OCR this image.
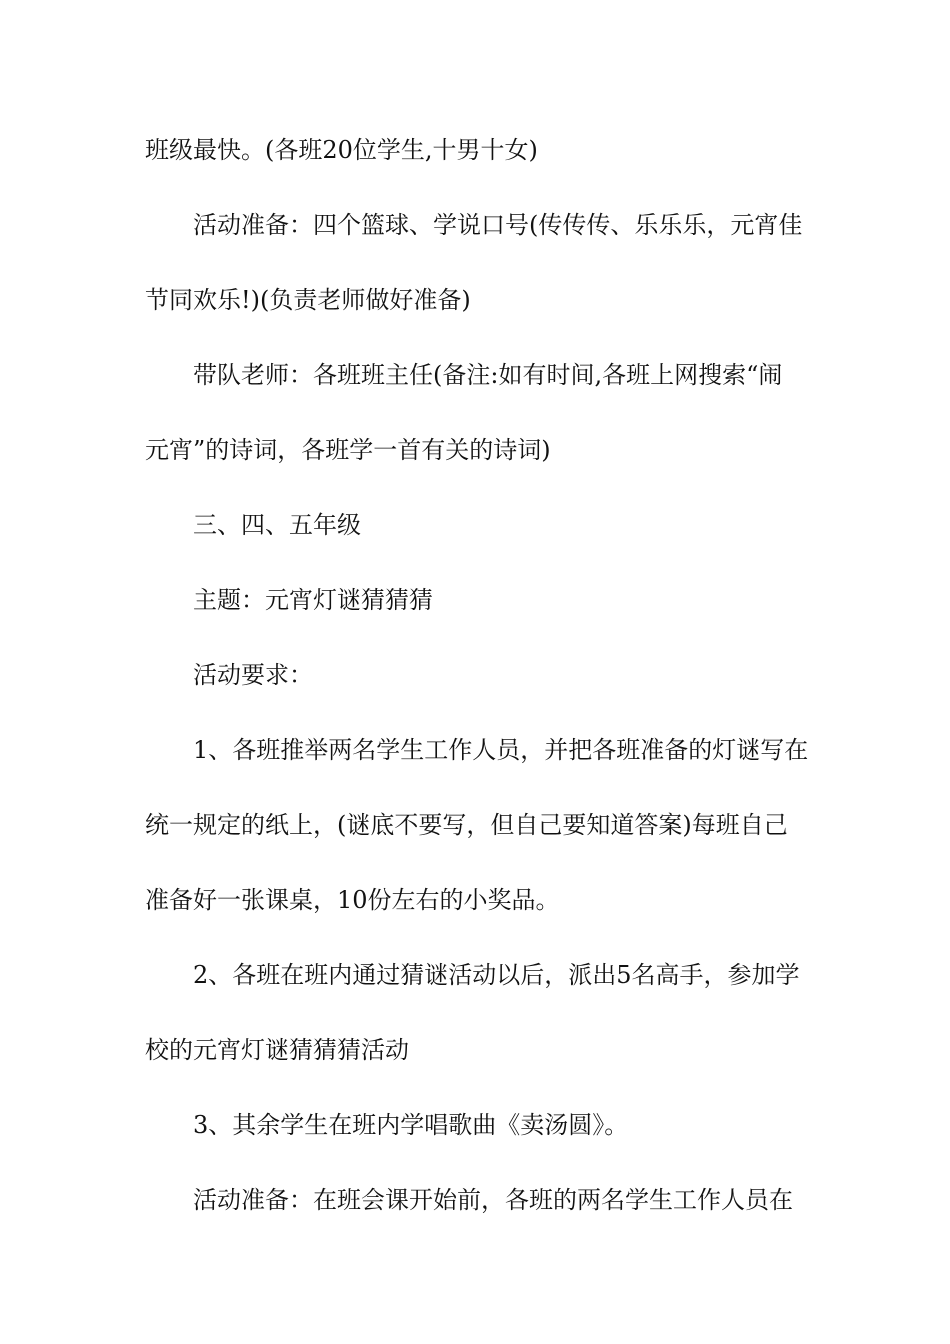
班级最快。(各班20位学生,十男十女)
活动准备：四个篮球、学说口号(传传传、乐乐乐，元宵佳
节同欢乐!)(负责老师做好准备)
带队老师：各班班主任(备注:如有时间,各班上网搜索“闹
元宵”的诗词，各班学一首有关的诗词)
三、四、五年级
主题：元宵灯谜猜猜猜
活动要求：
1、各班推举两名学生工作人员，并把各班准备的灯谜写在
统一规定的纸上，(谜底不要写，但自己要知道答案)每班自己
准备好一张课桌，10份左右的小奖品。
2、各班在班内通过猜谜活动以后，派出5名高手，参加学
校的元宵灯谜猜猜猜活动
3、其余学生在班内学唱歌曲《卖汤圆》。
活动准备：在班会课开始前，各班的两名学生工作人员在
